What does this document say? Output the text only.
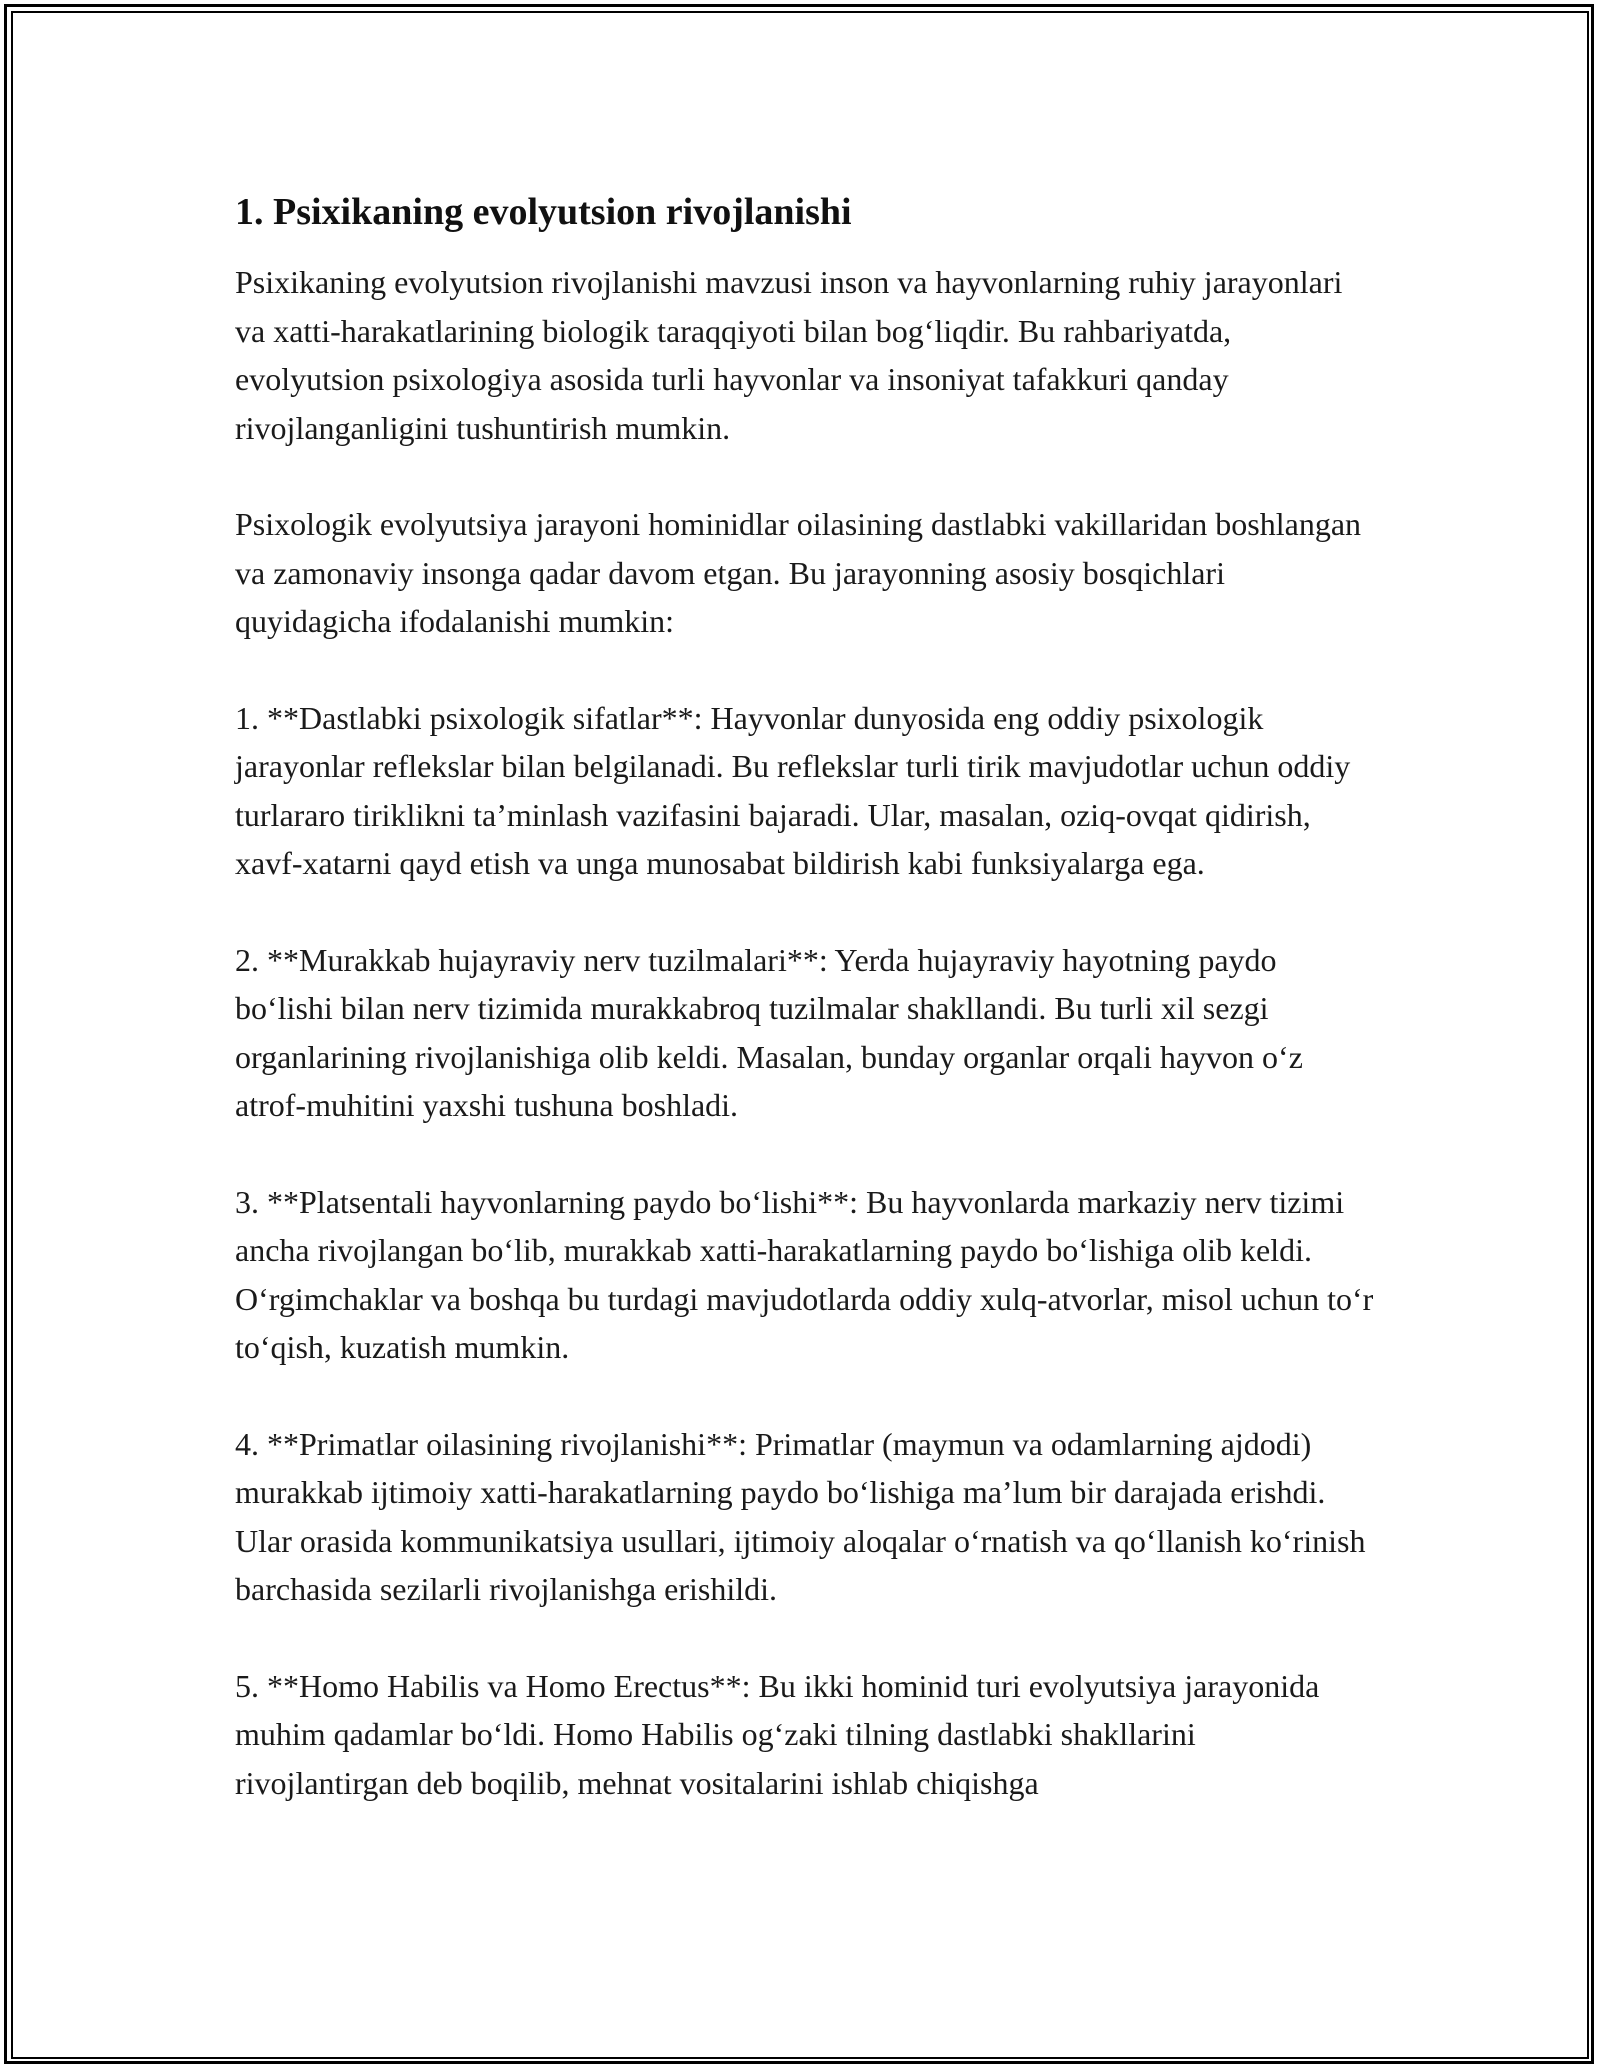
1. Psixikaning evolyutsion rivojlanishi

Psixikaning evolyutsion rivojlanishi mavzusi inson va hayvonlarning ruhiy jarayonlari va xatti-harakatlarining biologik taraqqiyoti bilan bog‘liqdir. Bu rahbariyatda, evolyutsion psixologiya asosida turli hayvonlar va insoniyat tafakkuri qanday rivojlanganligini tushuntirish mumkin.

Psixologik evolyutsiya jarayoni hominidlar oilasining dastlabki vakillaridan boshlangan va zamonaviy insonga qadar davom etgan. Bu jarayonning asosiy bosqichlari quyidagicha ifodalanishi mumkin:

1. **Dastlabki psixologik sifatlar**: Hayvonlar dunyosida eng oddiy psixologik jarayonlar reflekslar bilan belgilanadi. Bu reflekslar turli tirik mavjudotlar uchun oddiy turlararo tiriklikni ta’minlash vazifasini bajaradi. Ular, masalan, oziq-ovqat qidirish, xavf-xatarni qayd etish va unga munosabat bildirish kabi funksiyalarga ega.

2. **Murakkab hujayraviy nerv tuzilmalari**: Yerda hujayraviy hayotning paydo bo‘lishi bilan nerv tizimida murakkabroq tuzilmalar shakllandi. Bu turli xil sezgi organlarining rivojlanishiga olib keldi. Masalan, bunday organlar orqali hayvon o‘z atrof-muhitini yaxshi tushuna boshladi.

3. **Platsentali hayvonlarning paydo bo‘lishi**: Bu hayvonlarda markaziy nerv tizimi ancha rivojlangan bo‘lib, murakkab xatti-harakatlarning paydo bo‘lishiga olib keldi. O‘rgimchaklar va boshqa bu turdagi mavjudotlarda oddiy xulq-atvorlar, misol uchun to‘r to‘qish, kuzatish mumkin.

4. **Primatlar oilasining rivojlanishi**: Primatlar (maymun va odamlarning ajdodi) murakkab ijtimoiy xatti-harakatlarning paydo bo‘lishiga ma’lum bir darajada erishdi. Ular orasida kommunikatsiya usullari, ijtimoiy aloqalar o‘rnatish va qo‘llanish ko‘rinish barchasida sezilarli rivojlanishga erishildi.

5. **Homo Habilis va Homo Erectus**: Bu ikki hominid turi evolyutsiya jarayonida muhim qadamlar bo‘ldi. Homo Habilis og‘zaki tilning dastlabki shakllarini rivojlantirgan deb boqilib, mehnat vositalarini ishlab chiqishga
